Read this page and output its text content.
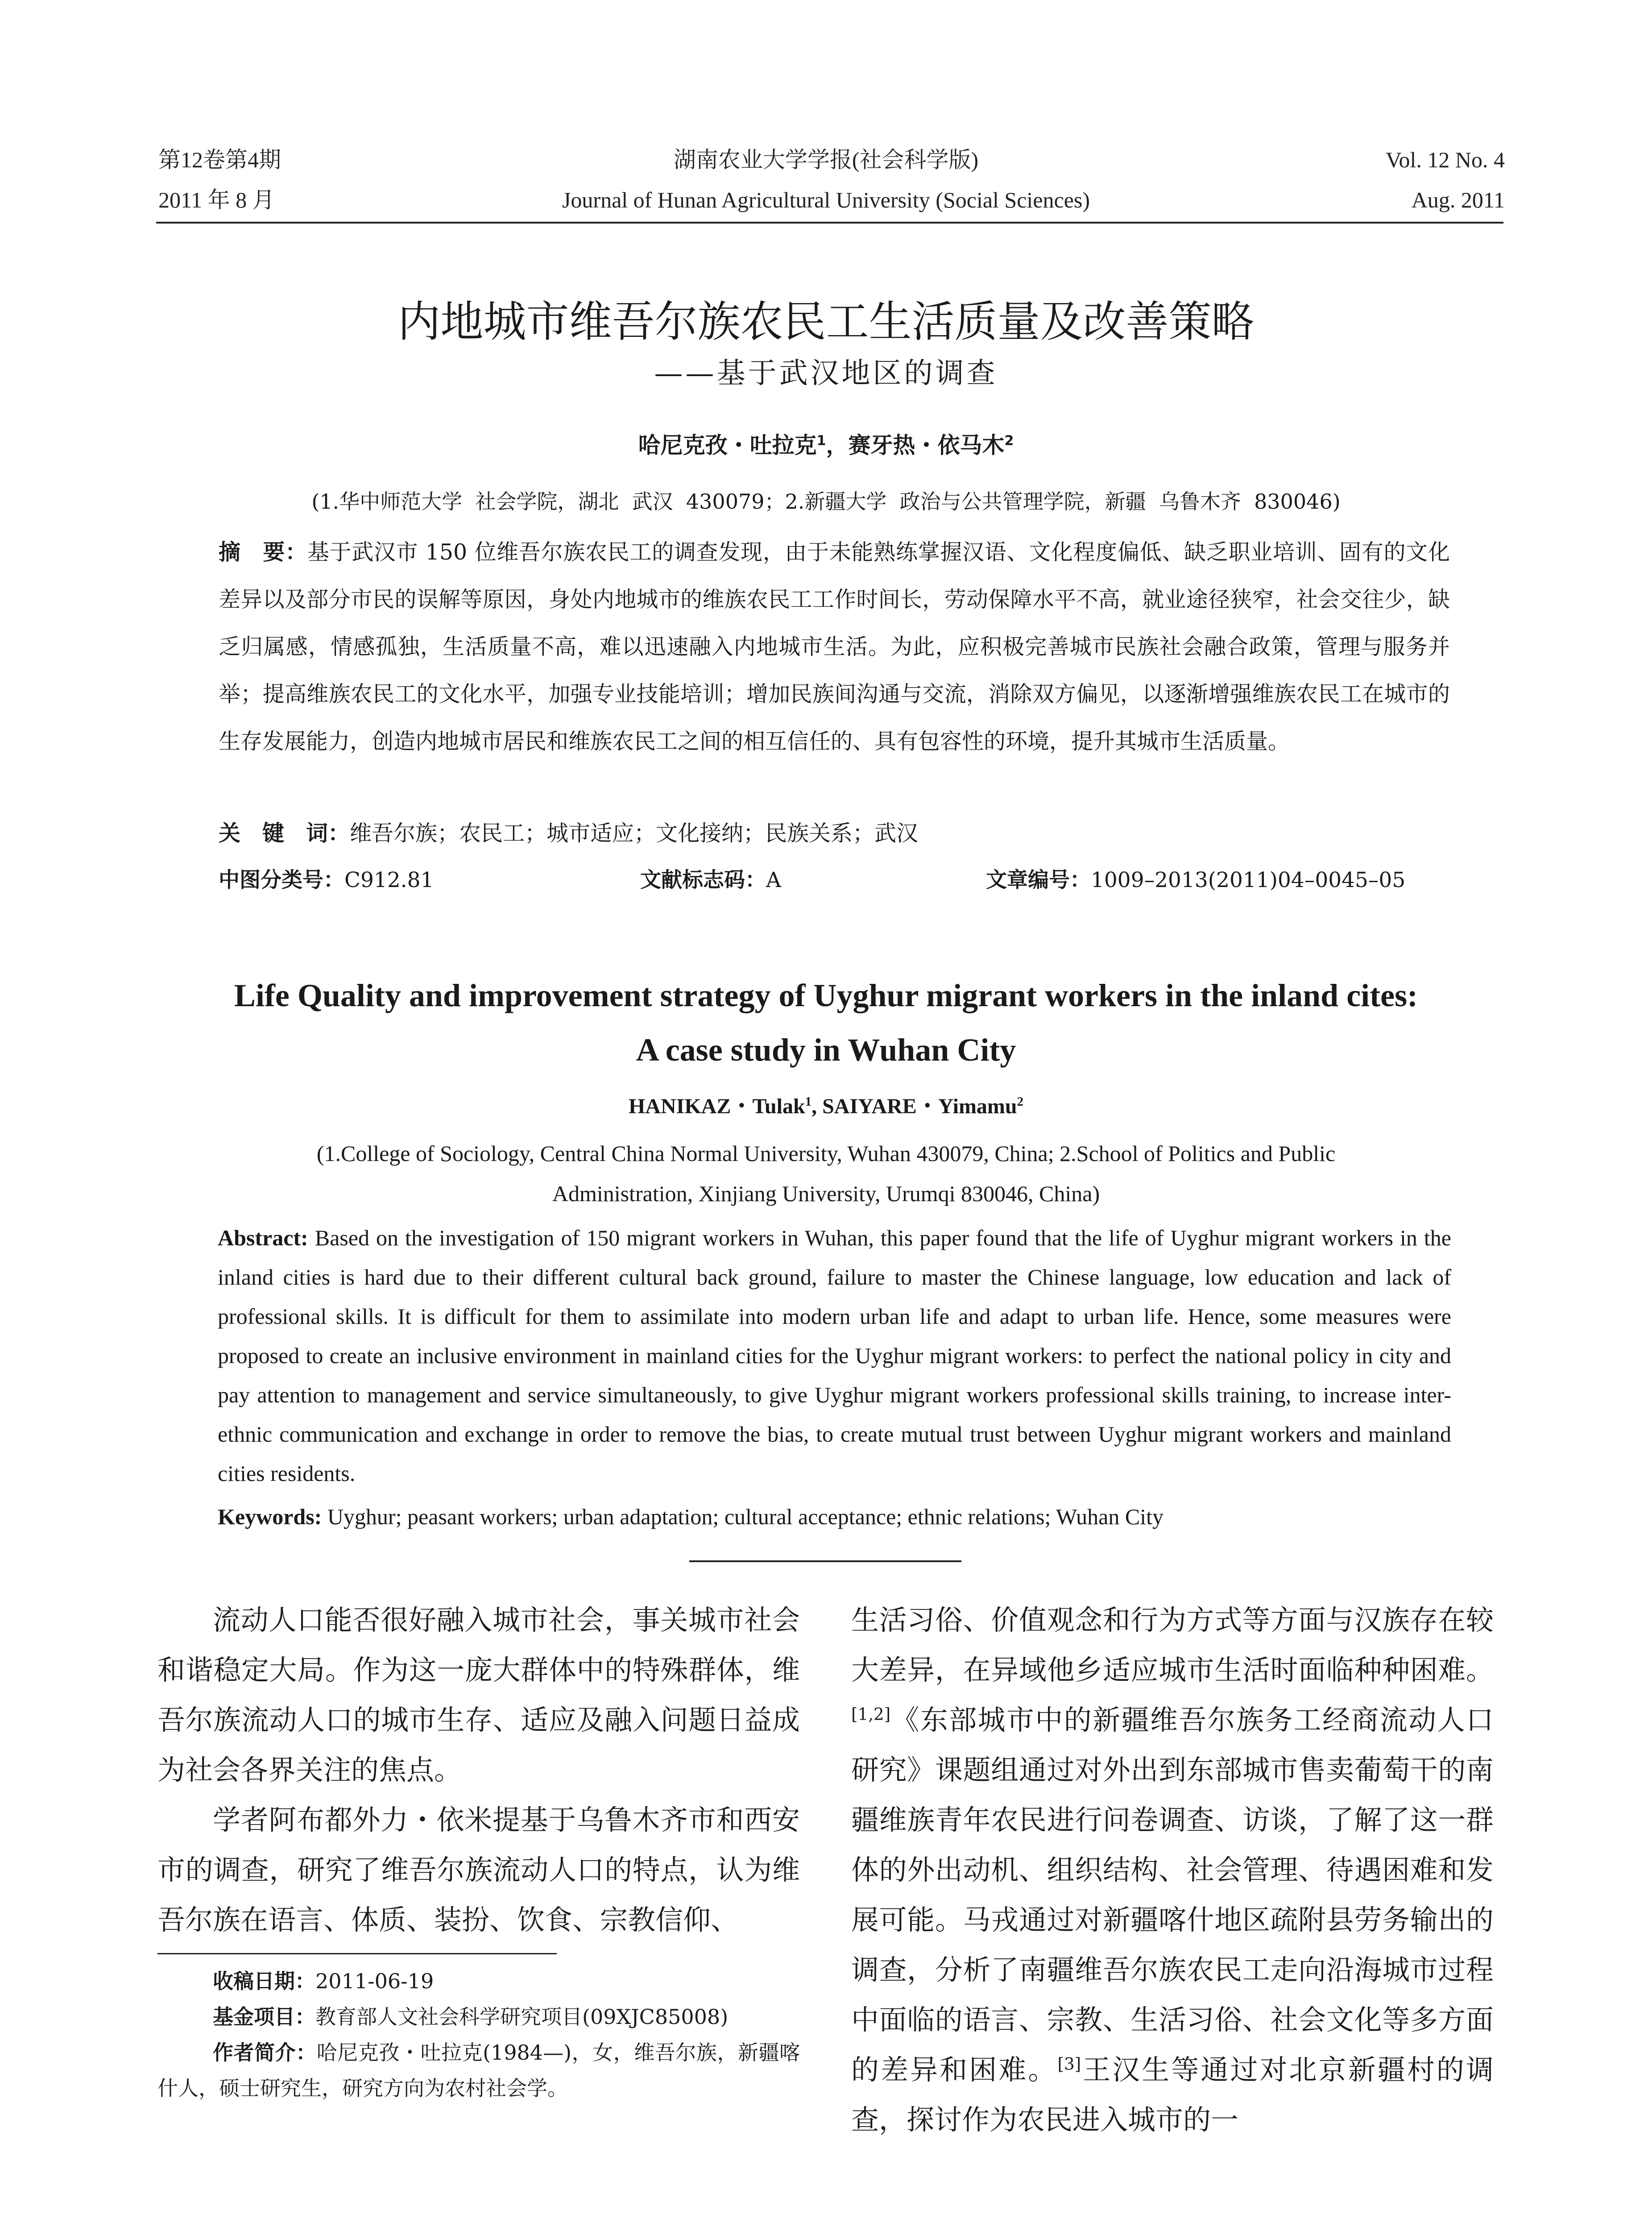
第12卷第4期
2011 年 8 月
湖南农业大学学报(社会科学版)
Journal of Hunan Agricultural University (Social Sciences)
Vol. 12 No. 4
Aug. 2011
内地城市维吾尔族农民工生活质量及改善策略
——基于武汉地区的调查
哈尼克孜・吐拉克$^1$，赛牙热・依马木$^2$
(1.华中师范大学  社会学院，湖北  武汉  430079；2.新疆大学  政治与公共管理学院，新疆  乌鲁木齐  830046)
摘　要：基于武汉市 150 位维吾尔族农民工的调查发现，由于未能熟练掌握汉语、文化程度偏低、缺乏职业培训、固有的文化差异以及部分市民的误解等原因，身处内地城市的维族农民工工作时间长，劳动保障水平不高，就业途径狭窄，社会交往少，缺乏归属感，情感孤独，生活质量不高，难以迅速融入内地城市生活。为此，应积极完善城市民族社会融合政策，管理与服务并举；提高维族农民工的文化水平，加强专业技能培训；增加民族间沟通与交流，消除双方偏见，以逐渐增强维族农民工在城市的生存发展能力，创造内地城市居民和维族农民工之间的相互信任的、具有包容性的环境，提升其城市生活质量。
关　键　词：维吾尔族；农民工；城市适应；文化接纳；民族关系；武汉
中图分类号：C912.81	文献标志码：A	文章编号：1009–2013(2011)04–0045–05
Life Quality and improvement strategy of Uyghur migrant workers in the inland cites:
A case study in Wuhan City
HANIKAZ・Tulak$^1$, SAIYARE・Yimamu$^2$
(1.College of Sociology, Central China Normal University, Wuhan 430079, China; 2.School of Politics and Public
Administration, Xinjiang University, Urumqi 830046, China)
Abstract: Based on the investigation of 150 migrant workers in Wuhan, this paper found that the life of Uyghur migrant workers in the inland cities is hard due to their different cultural back ground, failure to master the Chinese language, low education and lack of professional skills. It is difficult for them to assimilate into modern urban life and adapt to urban life. Hence, some measures were proposed to create an inclusive environment in mainland cities for the Uyghur migrant workers: to perfect the national policy in city and pay attention to management and service simultaneously, to give Uyghur migrant workers professional skills training, to increase inter-ethnic communication and exchange in order to remove the bias, to create mutual trust between Uyghur migrant workers and mainland cities residents.
Keywords: Uyghur; peasant workers; urban adaptation; cultural acceptance; ethnic relations; Wuhan City

流动人口能否很好融入城市社会，事关城市社会和谐稳定大局。作为这一庞大群体中的特殊群体，维吾尔族流动人口的城市生存、适应及融入问题日益成为社会各界关注的焦点。

学者阿布都外力・依米提基于乌鲁木齐市和西安市的调查，研究了维吾尔族流动人口的特点，认为维吾尔族在语言、体质、装扮、饮食、宗教信仰、

收稿日期：2011-06-19
基金项目：教育部人文社会科学研究项目(09XJC85008)
作者简介：哈尼克孜・吐拉克(1984—)，女，维吾尔族，新疆喀什人，硕士研究生，研究方向为农村社会学。

生活习俗、价值观念和行为方式等方面与汉族存在较大差异，在异域他乡适应城市生活时面临种种困难。[1,2]《东部城市中的新疆维吾尔族务工经商流动人口研究》课题组通过对外出到东部城市售卖葡萄干的南疆维族青年农民进行问卷调查、访谈，了解了这一群体的外出动机、组织结构、社会管理、待遇困难和发展可能。马戎通过对新疆喀什地区疏附县劳务输出的调查，分析了南疆维吾尔族农民工走向沿海城市过程中面临的语言、宗教、生活习俗、社会文化等多方面的差异和困难。[3]王汉生等通过对北京新疆村的调查，探讨作为农民进入城市的一
